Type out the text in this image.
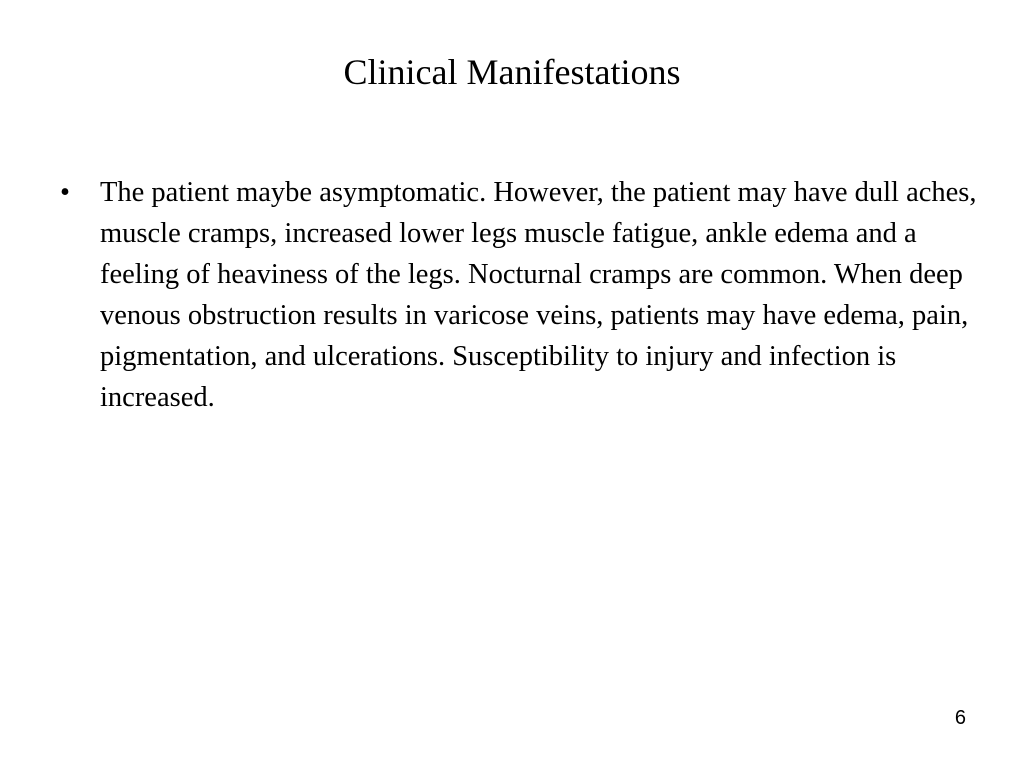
Clinical Manifestations
• The patient maybe asymptomatic. However, the patient may have dull aches, muscle cramps, increased lower legs muscle fatigue, ankle edema and a feeling of heaviness of the legs. Nocturnal cramps are common. When deep venous obstruction results in varicose veins, patients may have edema, pain, pigmentation, and ulcerations. Susceptibility to injury and infection is increased.
6
